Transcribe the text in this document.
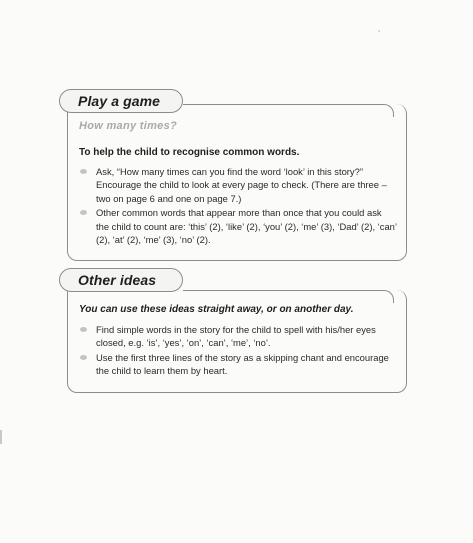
Play a game
How many times?
To help the child to recognise common words.
Ask, “How many times can you find the word ‘look’ in this story?” Encourage the child to look at every page to check. (There are three – two on page 6 and one on page 7.)
Other common words that appear more than once that you could ask the child to count are: ‘this’ (2), ‘like’ (2), ‘you’ (2), ‘me’ (3), ‘Dad’ (2), ‘can’ (2), ‘at’ (2), ‘me’ (3), ‘no’ (2).
Other ideas
You can use these ideas straight away, or on another day.
Find simple words in the story for the child to spell with his/her eyes closed, e.g. ‘is’, ‘yes’, ‘on’, ‘can’, ‘me’, ‘no’.
Use the first three lines of the story as a skipping chant and encourage the child to learn them by heart.
